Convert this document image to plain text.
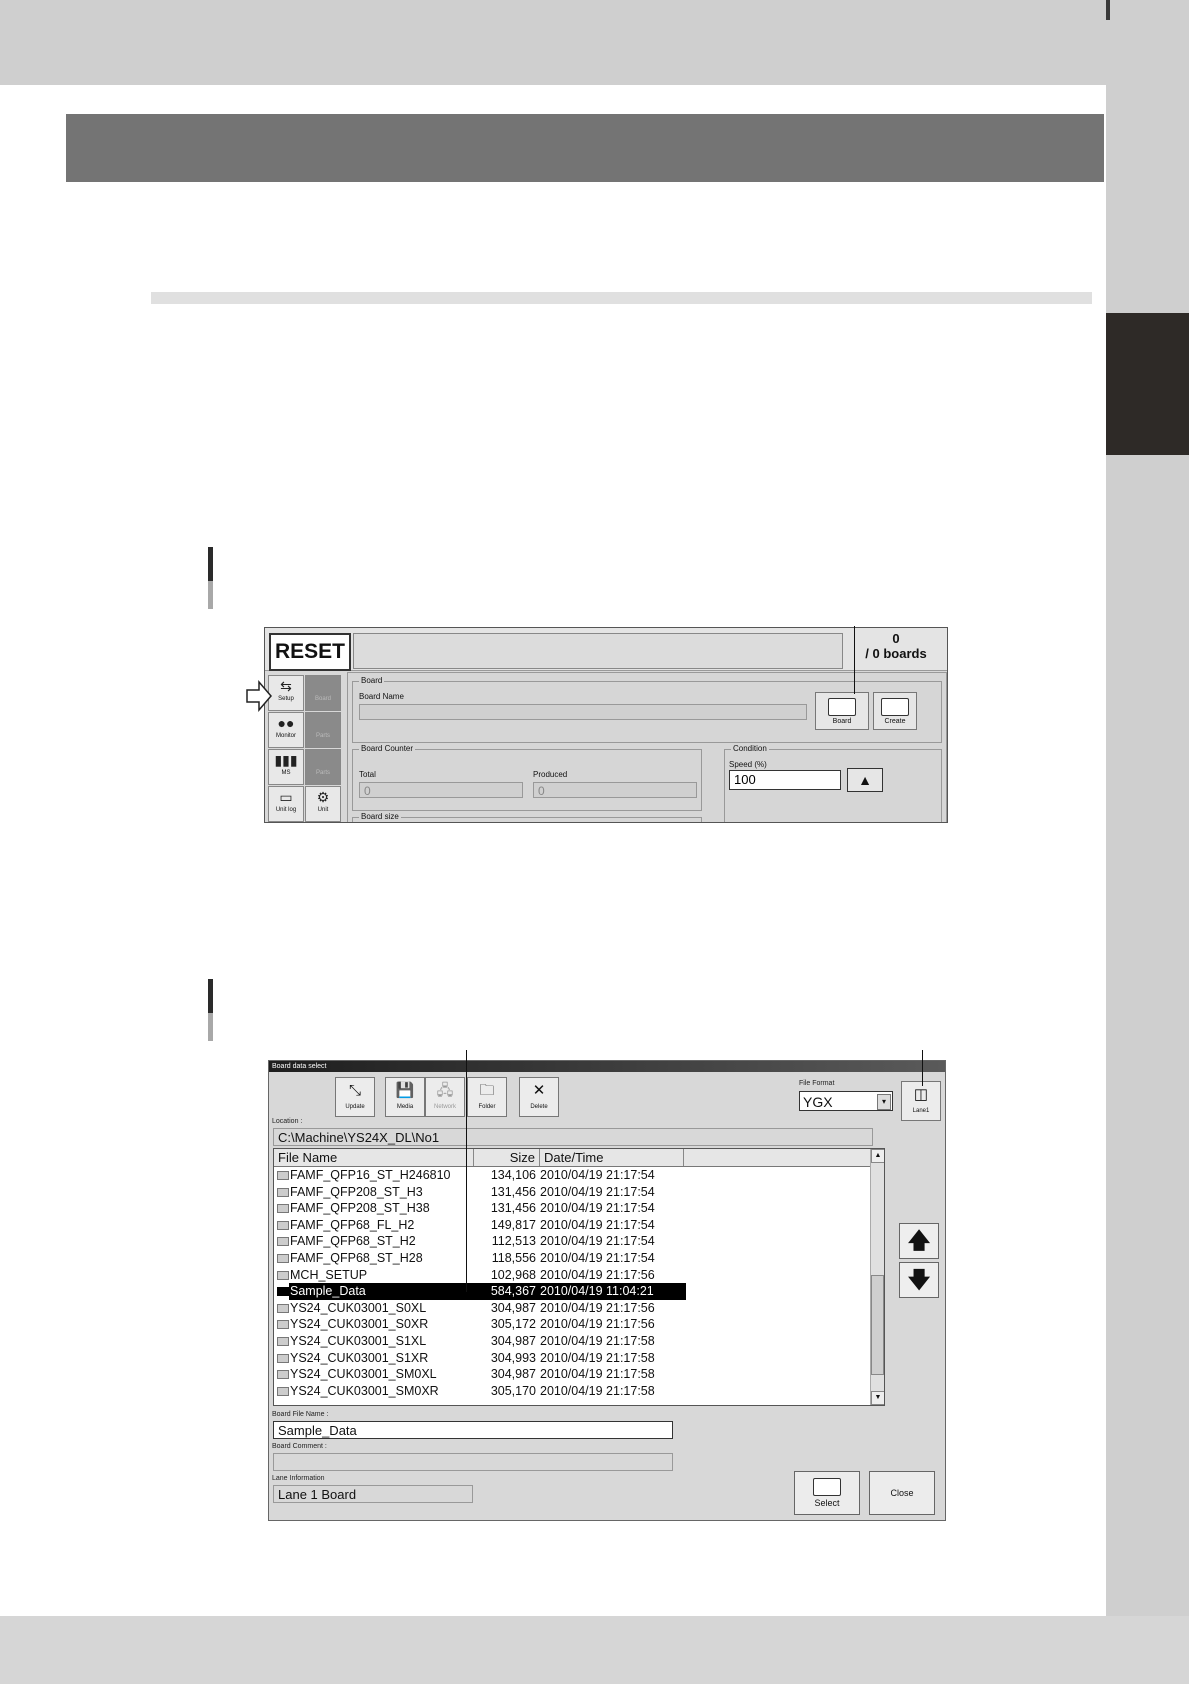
RESET
0
/ 0 boards
⇆
Setup	Board
●●
Monitor	Parts
▮▮▮
MS	Parts
▭
Unit log
⚙
Unit
Board
Board Name
Board	Create
Board Counter
Total
0
Produced
0
Condition
Speed (%)
100	▲
Board size
Board data select
⤡
Update
💾
Media
🖧
Network
🗀
Folder
✕
Delete
File Format
YGX	▾	◫
Lane1
Location :
C:\Machine\YS24X_DL\No1
File Name	Size Date/Time
FAMF_QFP16_ST_H246810	134,106 2010/04/19 21:17:54
FAMF_QFP208_ST_H3	131,456 2010/04/19 21:17:54
FAMF_QFP208_ST_H38	131,456 2010/04/19 21:17:54
FAMF_QFP68_FL_H2	149,817 2010/04/19 21:17:54
FAMF_QFP68_ST_H2	112,513 2010/04/19 21:17:54
FAMF_QFP68_ST_H28	118,556 2010/04/19 21:17:54
MCH_SETUP	102,968 2010/04/19 21:17:56
Sample_Data	584,367 2010/04/19 11:04:21
YS24_CUK03001_S0XL	304,987 2010/04/19 21:17:56
YS24_CUK03001_S0XR	305,172 2010/04/19 21:17:56
YS24_CUK03001_S1XL	304,987 2010/04/19 21:17:58
YS24_CUK03001_S1XR	304,993 2010/04/19 21:17:58
YS24_CUK03001_SM0XL	304,987 2010/04/19 21:17:58
YS24_CUK03001_SM0XR	305,170 2010/04/19 21:17:58
▲
▼
🡅
🡇
Board File Name :
Sample_Data
Board Comment :
Lane Information
Lane 1 Board
Select
Close
